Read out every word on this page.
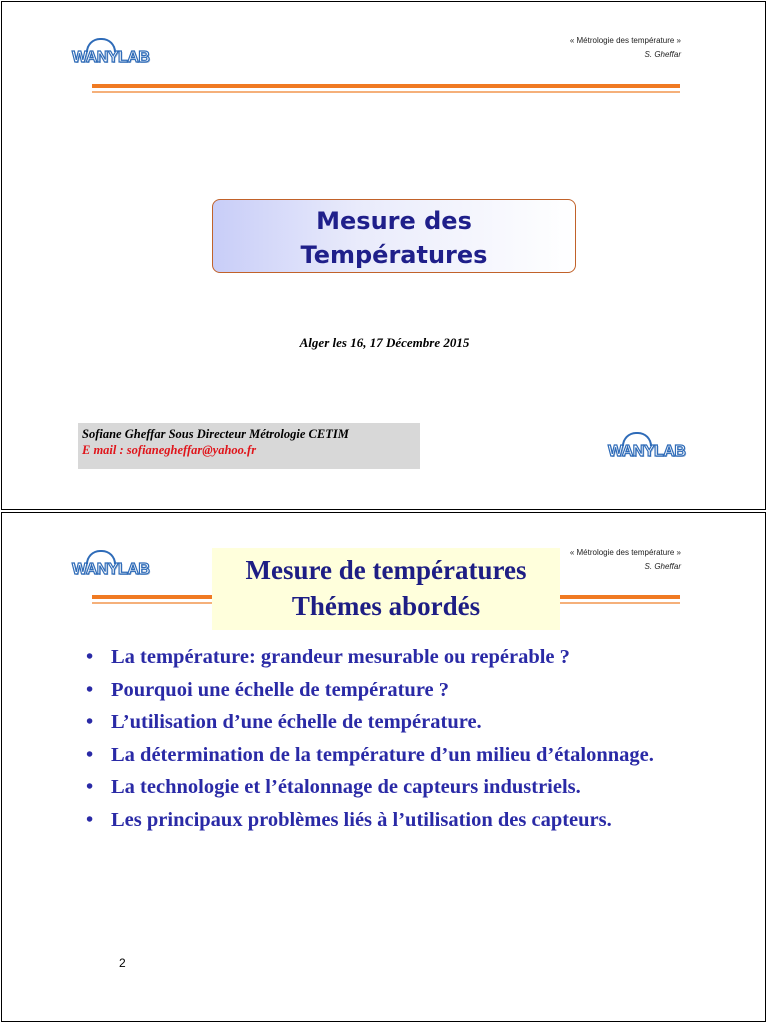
WANYLAB
« Métrologie des température »
S. Gheffar
Mesure des
Températures
Alger les 16, 17 Décembre 2015
Sofiane Gheffar Sous Directeur Métrologie CETIM
E mail : sofianegheffar@yahoo.fr	WANYLAB
WANYLAB
« Métrologie des température »
S. Gheffar
Mesure de températures
Thémes abordés
• La température: grandeur mesurable ou repérable ?
• Pourquoi une échelle de température ?
• L’utilisation d’une échelle de température.
• La détermination de la température d’un milieu d’étalonnage.
• La technologie et l’étalonnage de capteurs industriels.
• Les principaux problèmes liés à l’utilisation des capteurs.
2
